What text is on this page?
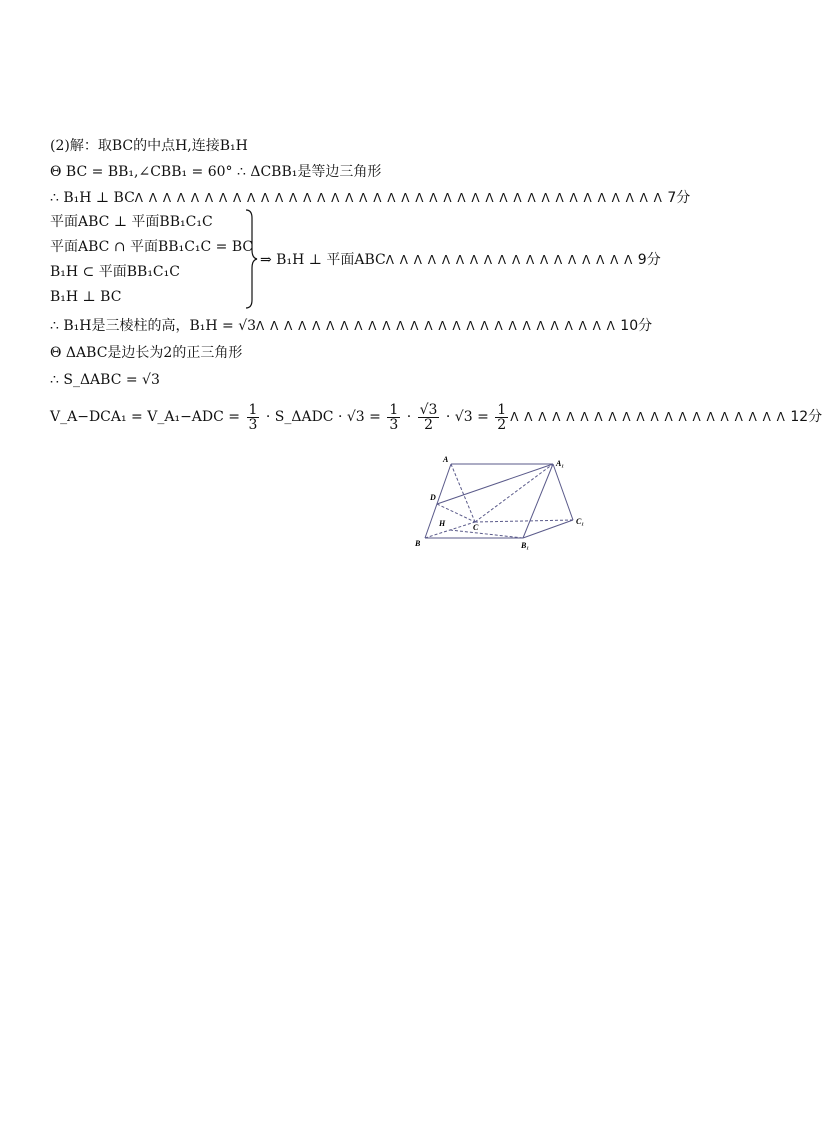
(2)解：取BC的中点H,连接B₁H
Θ BC = BB₁,∠CBB₁ = 60° ∴ ΔCBB₁是等边三角形
∴ B₁H ⊥ BCΛ Λ Λ Λ Λ Λ Λ Λ Λ Λ Λ Λ Λ Λ Λ Λ Λ Λ Λ Λ Λ Λ Λ Λ Λ Λ Λ Λ Λ Λ Λ Λ Λ Λ Λ Λ Λ Λ 7分
平面ABC ⊥ 平面BB₁C₁C
平面ABC ∩ 平面BB₁C₁C = BC
B₁H ⊂ 平面BB₁C₁C
B₁H ⊥ BC
⇒ B₁H ⊥ 平面ABCΛ Λ Λ Λ Λ Λ Λ Λ Λ Λ Λ Λ Λ Λ Λ Λ Λ Λ 9分
∴ B₁H是三棱柱的高，B₁H = √3Λ Λ Λ Λ Λ Λ Λ Λ Λ Λ Λ Λ Λ Λ Λ Λ Λ Λ Λ Λ Λ Λ Λ Λ Λ Λ 10分
Θ ΔABC是边长为2的正三角形
∴ S_ΔABC = √3
V_A−DCA₁ = V_A₁−ADC = $\frac{1}{3}$ · S_ΔADC · $√3 = \frac{1}{3} \cdot \frac{√3}{2} \cdot √3 = \frac{1}{2}$ Λ Λ Λ Λ Λ Λ Λ Λ Λ Λ Λ Λ Λ Λ Λ Λ Λ Λ Λ Λ 12分
A	A₁
D
H	C
B	B₁
C₁
